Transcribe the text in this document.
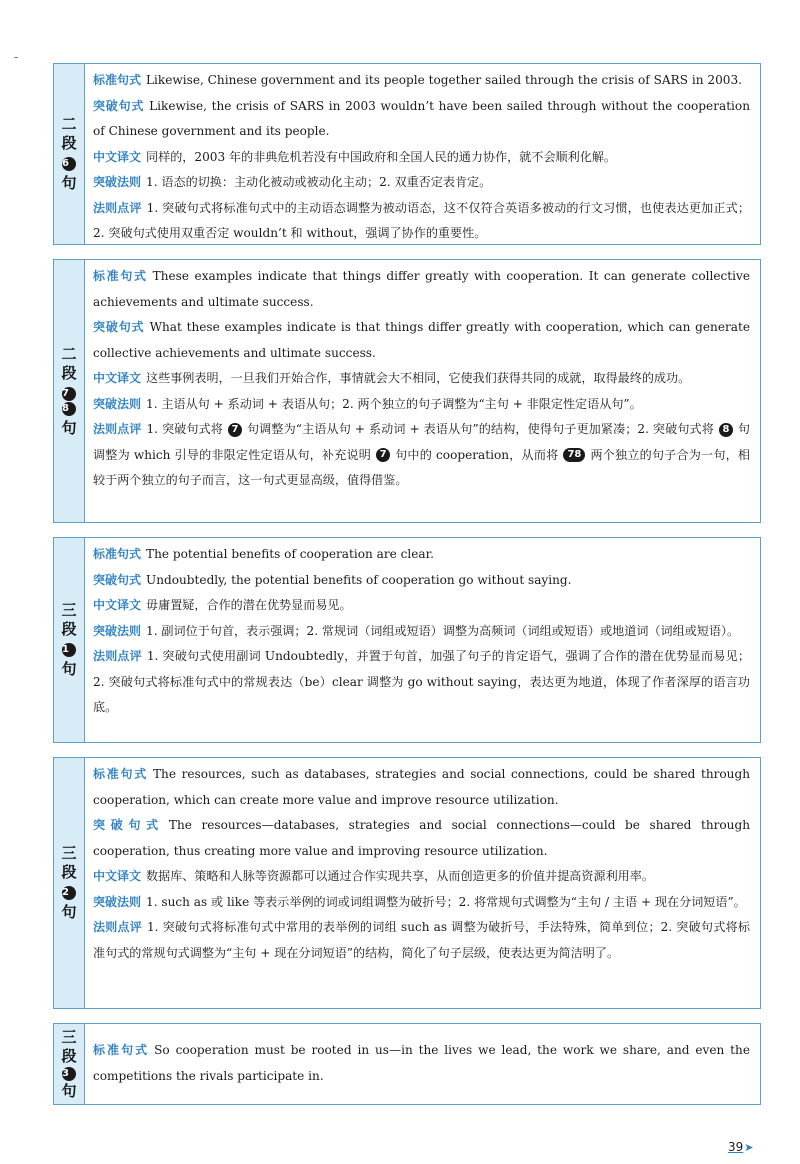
-
二
段
6
句
标准句式 Likewise, Chinese government and its people together sailed through the crisis of SARS in 2003.
突破句式 Likewise, the crisis of SARS in 2003 wouldn’t have been sailed through without the cooperation of Chinese government and its people.
中文译文 同样的，2003 年的非典危机若没有中国政府和全国人民的通力协作，就不会顺利化解。
突破法则 1. 语态的切换：主动化被动或被动化主动；2. 双重否定表肯定。
法则点评 1. 突破句式将标准句式中的主动语态调整为被动语态，这不仅符合英语多被动的行文习惯，也使表达更加正式；2. 突破句式使用双重否定 wouldn’t 和 without，强调了协作的重要性。
二
段
7
8
句
标准句式 These examples indicate that things differ greatly with cooperation. It can generate collective achievements and ultimate success.
突破句式 What these examples indicate is that things differ greatly with cooperation, which can generate collective achievements and ultimate success.
中文译文 这些事例表明，一旦我们开始合作，事情就会大不相同，它使我们获得共同的成就，取得最终的成功。
突破法则 1. 主语从句 + 系动词 + 表语从句；2. 两个独立的句子调整为“主句 + 非限定性定语从句”。
法则点评 1. 突破句式将 7 句调整为“主语从句 + 系动词 + 表语从句”的结构，使得句子更加紧凑；2. 突破句式将 8 句调整为 which 引导的非限定性定语从句，补充说明 7 句中的 cooperation，从而将 78 两个独立的句子合为一句，相较于两个独立的句子而言，这一句式更显高级，值得借鉴。
三
段
1
句
标准句式 The potential benefits of cooperation are clear.
突破句式 Undoubtedly, the potential benefits of cooperation go without saying.
中文译文 毋庸置疑，合作的潜在优势显而易见。
突破法则 1. 副词位于句首，表示强调；2. 常规词（词组或短语）调整为高频词（词组或短语）或地道词（词组或短语）。
法则点评 1. 突破句式使用副词 Undoubtedly，并置于句首，加强了句子的肯定语气，强调了合作的潜在优势显而易见；2. 突破句式将标准句式中的常规表达（be）clear 调整为 go without saying，表达更为地道，体现了作者深厚的语言功底。
三
段
2
句
标准句式 The resources, such as databases, strategies and social connections, could be shared through cooperation, which can create more value and improve resource utilization.
突破句式 The resources—databases, strategies and social connections—could be shared through cooperation, thus creating more value and improving resource utilization.
中文译文 数据库、策略和人脉等资源都可以通过合作实现共享，从而创造更多的价值并提高资源利用率。
突破法则 1. such as 或 like 等表示举例的词或词组调整为破折号；2. 将常规句式调整为“主句 / 主语 + 现在分词短语”。
法则点评 1. 突破句式将标准句式中常用的表举例的词组 such as 调整为破折号，手法特殊，简单到位；2. 突破句式将标准句式的常规句式调整为“主句 + 现在分词短语”的结构，简化了句子层级，使表达更为简洁明了。
三
段
3
句
标准句式 So cooperation must be rooted in us—in the lives we lead, the work we share, and even the competitions the rivals participate in.
39➤
